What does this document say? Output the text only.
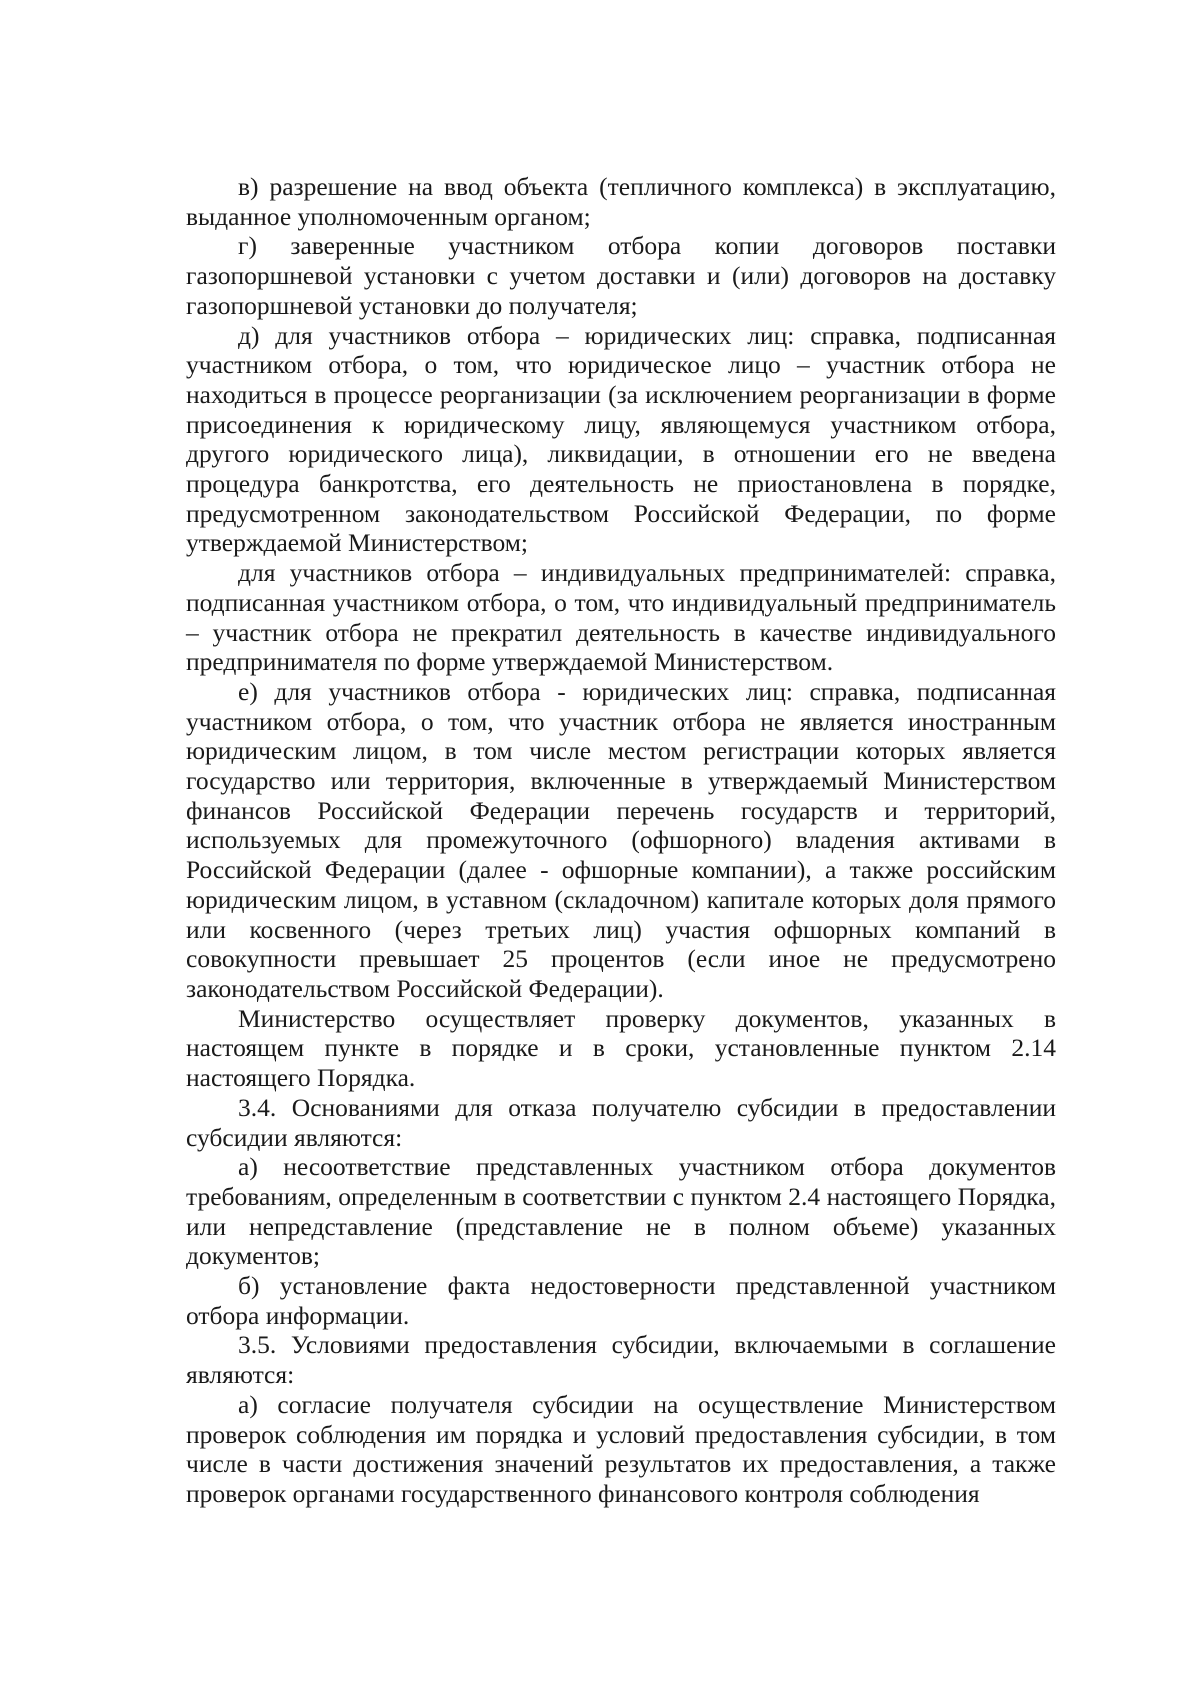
в) разрешение на ввод объекта (тепличного комплекса) в эксплуатацию, выданное уполномоченным органом;

г) заверенные участником отбора копии договоров поставки газопоршневой установки с учетом доставки и (или) договоров на доставку газопоршневой установки до получателя;

д) для участников отбора – юридических лиц: справка, подписанная участником отбора, о том, что юридическое лицо – участник отбора не находиться в процессе реорганизации (за исключением реорганизации в форме присоединения к юридическому лицу, являющемуся участником отбора, другого юридического лица), ликвидации, в отношении его не введена процедура банкротства, его деятельность не приостановлена в порядке, предусмотренном законодательством Российской Федерации, по форме утверждаемой Министерством;

для участников отбора – индивидуальных предпринимателей: справка, подписанная участником отбора, о том, что индивидуальный предприниматель – участник отбора не прекратил деятельность в качестве индивидуального предпринимателя по форме утверждаемой Министерством.

е) для участников отбора - юридических лиц: справка, подписанная участником отбора, о том, что участник отбора не является иностранным юридическим лицом, в том числе местом регистрации которых является государство или территория, включенные в утверждаемый Министерством финансов Российской Федерации перечень государств и территорий, используемых для промежуточного (офшорного) владения активами в Российской Федерации (далее - офшорные компании), а также российским юридическим лицом, в уставном (складочном) капитале которых доля прямого или косвенного (через третьих лиц) участия офшорных компаний в совокупности превышает 25 процентов (если иное не предусмотрено законодательством Российской Федерации).

Министерство осуществляет проверку документов, указанных в настоящем пункте в порядке и в сроки, установленные пунктом 2.14 настоящего Порядка.

3.4. Основаниями для отказа получателю субсидии в предоставлении субсидии являются:

а) несоответствие представленных участником отбора документов требованиям, определенным в соответствии с пунктом 2.4 настоящего Порядка, или непредставление (представление не в полном объеме) указанных документов;

б) установление факта недостоверности представленной участником отбора информации.

3.5. Условиями предоставления субсидии, включаемыми в соглашение являются:

а) согласие получателя субсидии на осуществление Министерством проверок соблюдения им порядка и условий предоставления субсидии, в том числе в части достижения значений результатов их предоставления, а также проверок органами государственного финансового контроля соблюдения
